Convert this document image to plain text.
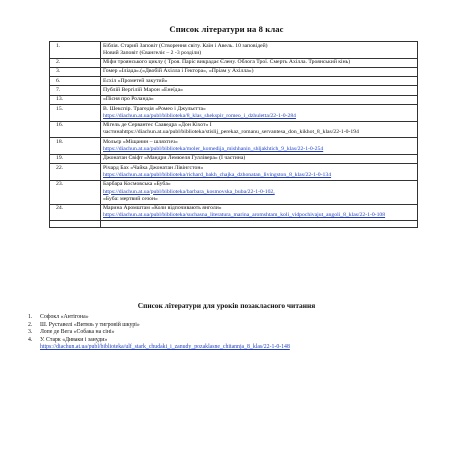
Список літератури на 8 клас
1.	Біблія. Старий Заповіт (Створення світу. Каїн і Авель. 10 заповідей)
Новий Заповіт (Євангеліє – 2 -3 розділи)

2.	Міфи троянського циклу ( Троя. Паріс викрадає Єлену. Облога Трої. Смерть Ахілла. Троянський кінь)

3.	Гомер «Іліада».(«Двобій Ахілла і Гектора», «Пріам у Ахілла»)

6.	Есхіл «Прометей закутий»

7.	Публій Вергілій Марон «Енеїда»

13.	«Пісня про Роланда»

15.	В. Шекспір. Трагедія «Ромео і Джульєтта»
https://diachun.at.ua/publ/biblioteka/8_klas_shekspir_romeo_i_dzhuletta/22-1-0-284

16.	Мігель де Сервантес Сааведра «Дон Кіхот» І
частинаhttps://diachun.at.ua/publ/biblioteka/stislij_perekaz_romanu_servantesa_don_kikhot_8_klas/22-1-0-194

18.	Мольєр «Міщанин – шляхтич»
https://diachun.at.ua/publ/biblioteka/moler_komedija_mishhanin_shljakhtich_9_klas/22-1-0-254

19.	Джонатан Свіфт «Мандри Лемюеля Гуллівера» (І частина)

22.	Річард Бах «Чайка Джонатан Лівінгстон»
https://diachun.at.ua/publ/biblioteka/richard_bakh_chajka_dzhonatan_livingston_8_klas/22-1-0-134

23.	Барбара Космовська «Буба»
https://diachun.at.ua/publ/biblioteka/barbara_kosmovska_buba/22-1-0-102,
«Буба: мертвий сезон»

24.	Марина Аромштам «Коли відпочивають янголи»
https://diachun.at.ua/publ/biblioteka/suchasna_literatura_marina_aromshtam_koli_vidpochivajut_angoli_8_klas/22-1-0-108

Список літератури для уроків позакласного читання
1.	Софокл «Антігона»
2.	Ш. Руставелі «Витязь у тигровій шкурі»
3.	Лопе де Вега «Собака на сіні»
4.	У. Старк «Диваки і зануди»
https://diachun.at.ua/publ/biblioteka/ulf_stark_chudaki_i_zanudy_pozaklasne_chitannja_8_klas/22-1-0-148
